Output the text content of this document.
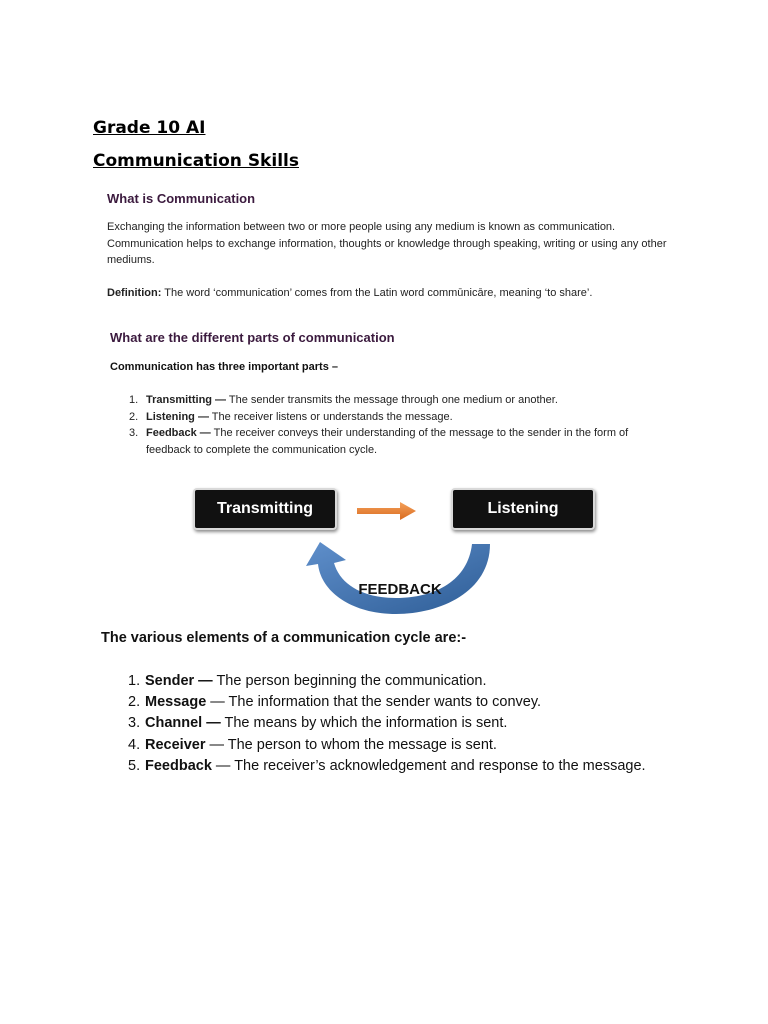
Grade 10 AI
Communication Skills
What is Communication

Exchanging the information between two or more people using any medium is known as communication. Communication helps to exchange information, thoughts or knowledge through speaking, writing or using any other mediums.

Definition: The word ‘communication’ comes from the Latin word commūnicāre, meaning ‘to share’.

What are the different parts of communication

Communication has three important parts –

1. Transmitting — The sender transmits the message through one medium or another.
2. Listening — The receiver listens or understands the message.
3. Feedback — The receiver conveys their understanding of the message to the sender in the form of feedback to complete the communication cycle.
Transmitting	Listening
FEEDBACK
The various elements of a communication cycle are:-
1. Sender — The person beginning the communication.
2. Message — The information that the sender wants to convey.
3. Channel — The means by which the information is sent.
4. Receiver — The person to whom the message is sent.
5. Feedback — The receiver’s acknowledgement and response to the message.
